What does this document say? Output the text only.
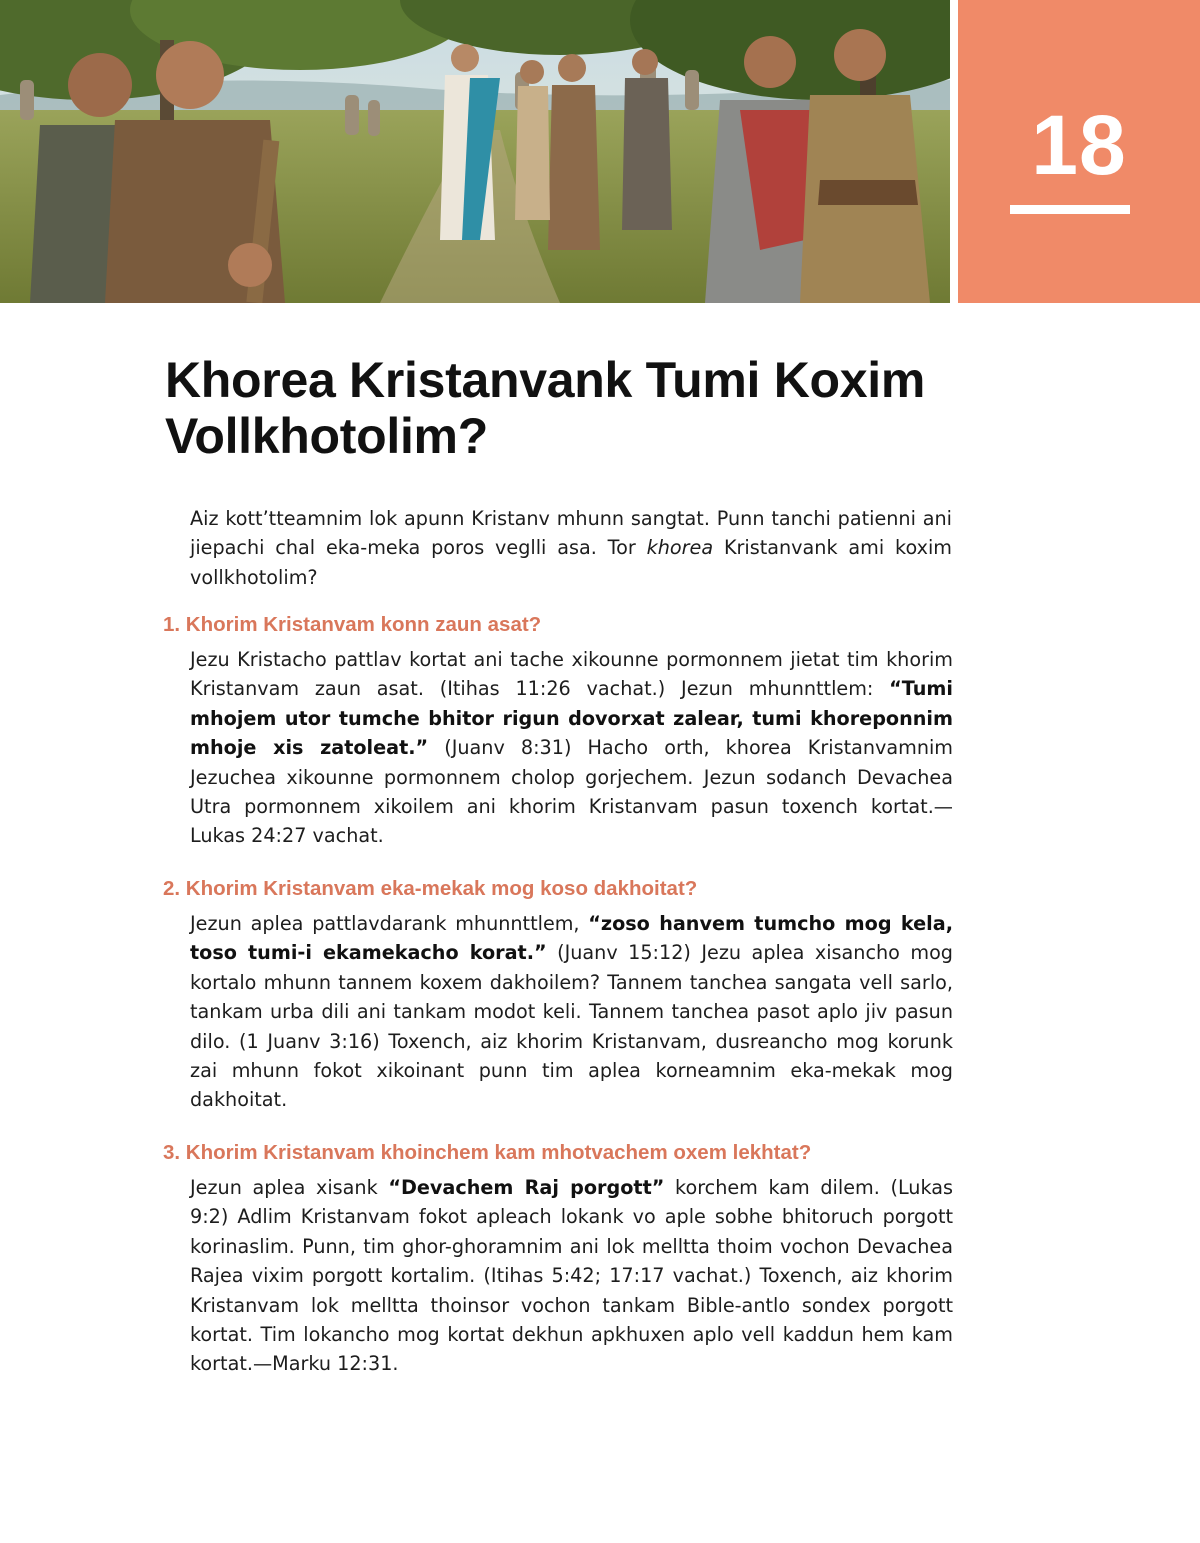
18
Khorea Kristanvank Tumi Koxim Vollkhotolim?

Aiz kott’tteamnim lok apunn Kristanv mhunn sangtat. Punn tanchi patienni ani jiepachi chal eka-meka poros veglli asa. Tor khorea Kristanvank ami koxim vollkhotolim?

1. Khorim Kristanvam konn zaun asat?

Jezu Kristacho pattlav kortat ani tache xikounne pormonnem jietat tim khorim Kristanvam zaun asat. (Itihas 11:26 vachat.) Jezun mhunnttlem: “Tumi mhojem utor tumche bhitor rigun dovorxat zalear, tumi khoreponnim mhoje xis zatoleat.” (Juanv 8:31) Hacho orth, khorea Kristanvamnim Jezuchea xikounne pormonnem cholop gorjechem. Jezun sodanch Devachea Utra pormonnem xikoilem ani khorim Kristanvam pasun toxench kortat.—Lukas 24:27 vachat.

2. Khorim Kristanvam eka-mekak mog koso dakhoitat?

Jezun aplea pattlavdarank mhunnttlem, “zoso hanvem tumcho mog kela, toso tumi-i ekamekacho korat.” (Juanv 15:12) Jezu aplea xisancho mog kortalo mhunn tannem koxem dakhoilem? Tannem tanchea sangata vell sarlo, tankam urba dili ani tankam modot keli. Tannem tanchea pasot aplo jiv pasun dilo. (1 Juanv 3:16) Toxench, aiz khorim Kristanvam, dusreancho mog korunk zai mhunn fokot xikoinant punn tim aplea korneamnim eka-mekak mog dakhoitat.

3. Khorim Kristanvam khoinchem kam mhotvachem oxem lekhtat?

Jezun aplea xisank “Devachem Raj porgott” korchem kam dilem. (Lukas 9:2) Adlim Kristanvam fokot apleach lokank vo aple sobhe bhitoruch porgott korinaslim. Punn, tim ghor-ghoramnim ani lok melltta thoim vochon Devachea Rajea vixim porgott kortalim. (Itihas 5:42; 17:17 vachat.) Toxench, aiz khorim Kristanvam lok melltta thoinsor vochon tankam Bible-antlo sondex porgott kortat. Tim lokancho mog kortat dekhun apkhuxen aplo vell kaddun hem kam kortat.—Marku 12:31.
